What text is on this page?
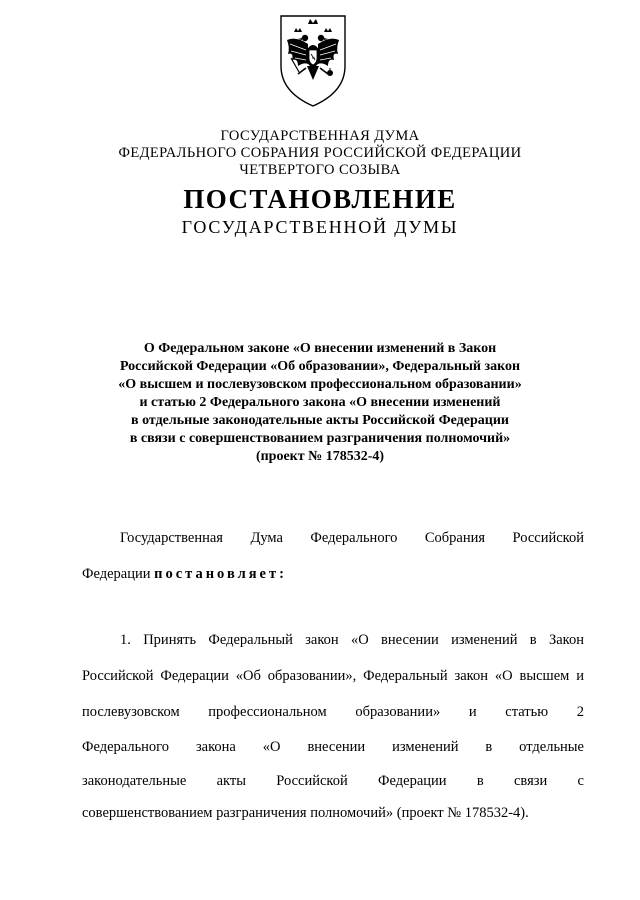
ГОСУДАРСТВЕННАЯ ДУМА
ФЕДЕРАЛЬНОГО СОБРАНИЯ РОССИЙСКОЙ ФЕДЕРАЦИИ
ЧЕТВЕРТОГО СОЗЫВА
ПОСТАНОВЛЕНИЕ
ГОСУДАРСТВЕННОЙ ДУМЫ
О Федеральном законе «О внесении изменений в Закон
Российской Федерации «Об образовании», Федеральный закон
«О высшем и послевузовском профессиональном образовании»
и статью 2 Федерального закона «О внесении изменений
в отдельные законодательные акты Российской Федерации
в связи с совершенствованием разграничения полномочий»
(проект № 178532-4)
Государственная Дума Федерального Собрания Российской
Федерации постановляет:
1. Принять Федеральный закон «О внесении изменений в Закон
Российской Федерации «Об образовании», Федеральный закон «О высшем и
послевузовском профессиональном образовании» и статью 2
Федерального закона «О внесении изменений в отдельные
законодательные акты Российской Федерации в связи с
совершенствованием разграничения полномочий» (проект № 178532-4).
